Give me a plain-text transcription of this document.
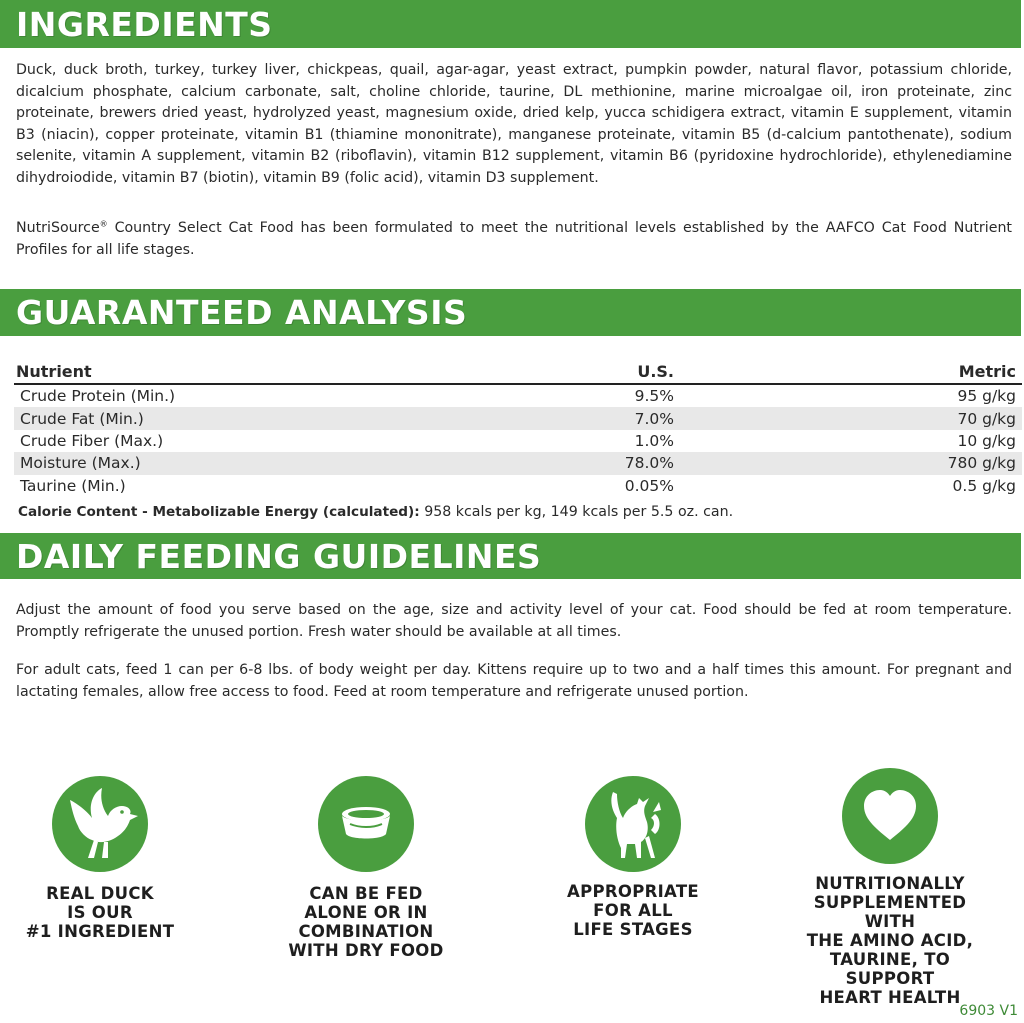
INGREDIENTS

Duck, duck broth, turkey, turkey liver, chickpeas, quail, agar-agar, yeast extract, pumpkin powder, natural flavor, potassium chloride, dicalcium phosphate, calcium carbonate, salt, choline chloride, taurine, DL methionine, marine microalgae oil, iron proteinate, zinc proteinate, brewers dried yeast, hydrolyzed yeast, magnesium oxide, dried kelp, yucca schidigera extract, vitamin E supplement, vitamin B3 (niacin), copper proteinate, vitamin B1 (thiamine mononitrate), manganese proteinate, vitamin B5 (d-calcium pantothenate), sodium selenite, vitamin A supplement, vitamin B2 (riboflavin), vitamin B12 supplement, vitamin B6 (pyridoxine hydrochloride), ethylenediamine dihydroiodide, vitamin B7 (biotin), vitamin B9 (folic acid), vitamin D3 supplement.

NutriSource® Country Select Cat Food has been formulated to meet the nutritional levels established by the AAFCO Cat Food Nutrient Profiles for all life stages.

GUARANTEED ANALYSIS
Nutrient	U.S.	Metric
Crude Protein (Min.)	9.5%	95 g/kg
Crude Fat (Min.)	7.0%	70 g/kg
Crude Fiber (Max.)	1.0%	10 g/kg
Moisture (Max.)	78.0%	780 g/kg
Taurine (Min.)	0.05%	0.5 g/kg
Calorie Content - Metabolizable Energy (calculated): 958 kcals per kg, 149 kcals per 5.5 oz. can.
DAILY FEEDING GUIDELINES

Adjust the amount of food you serve based on the age, size and activity level of your cat. Food should be fed at room temperature. Promptly refrigerate the unused portion. Fresh water should be available at all times.

For adult cats, feed 1 can per 6-8 lbs. of body weight per day. Kittens require up to two and a half times this amount. For pregnant and lactating females, allow free access to food. Feed at room temperature and refrigerate unused portion.

REAL DUCK
IS OUR
#1 INGREDIENT
CAN BE FED
ALONE OR IN
COMBINATION
WITH DRY FOOD
APPROPRIATE
FOR ALL
LIFE STAGES
NUTRITIONALLY
SUPPLEMENTED WITH
THE AMINO ACID,
TAURINE, TO SUPPORT
HEART HEALTH
6903 V1
